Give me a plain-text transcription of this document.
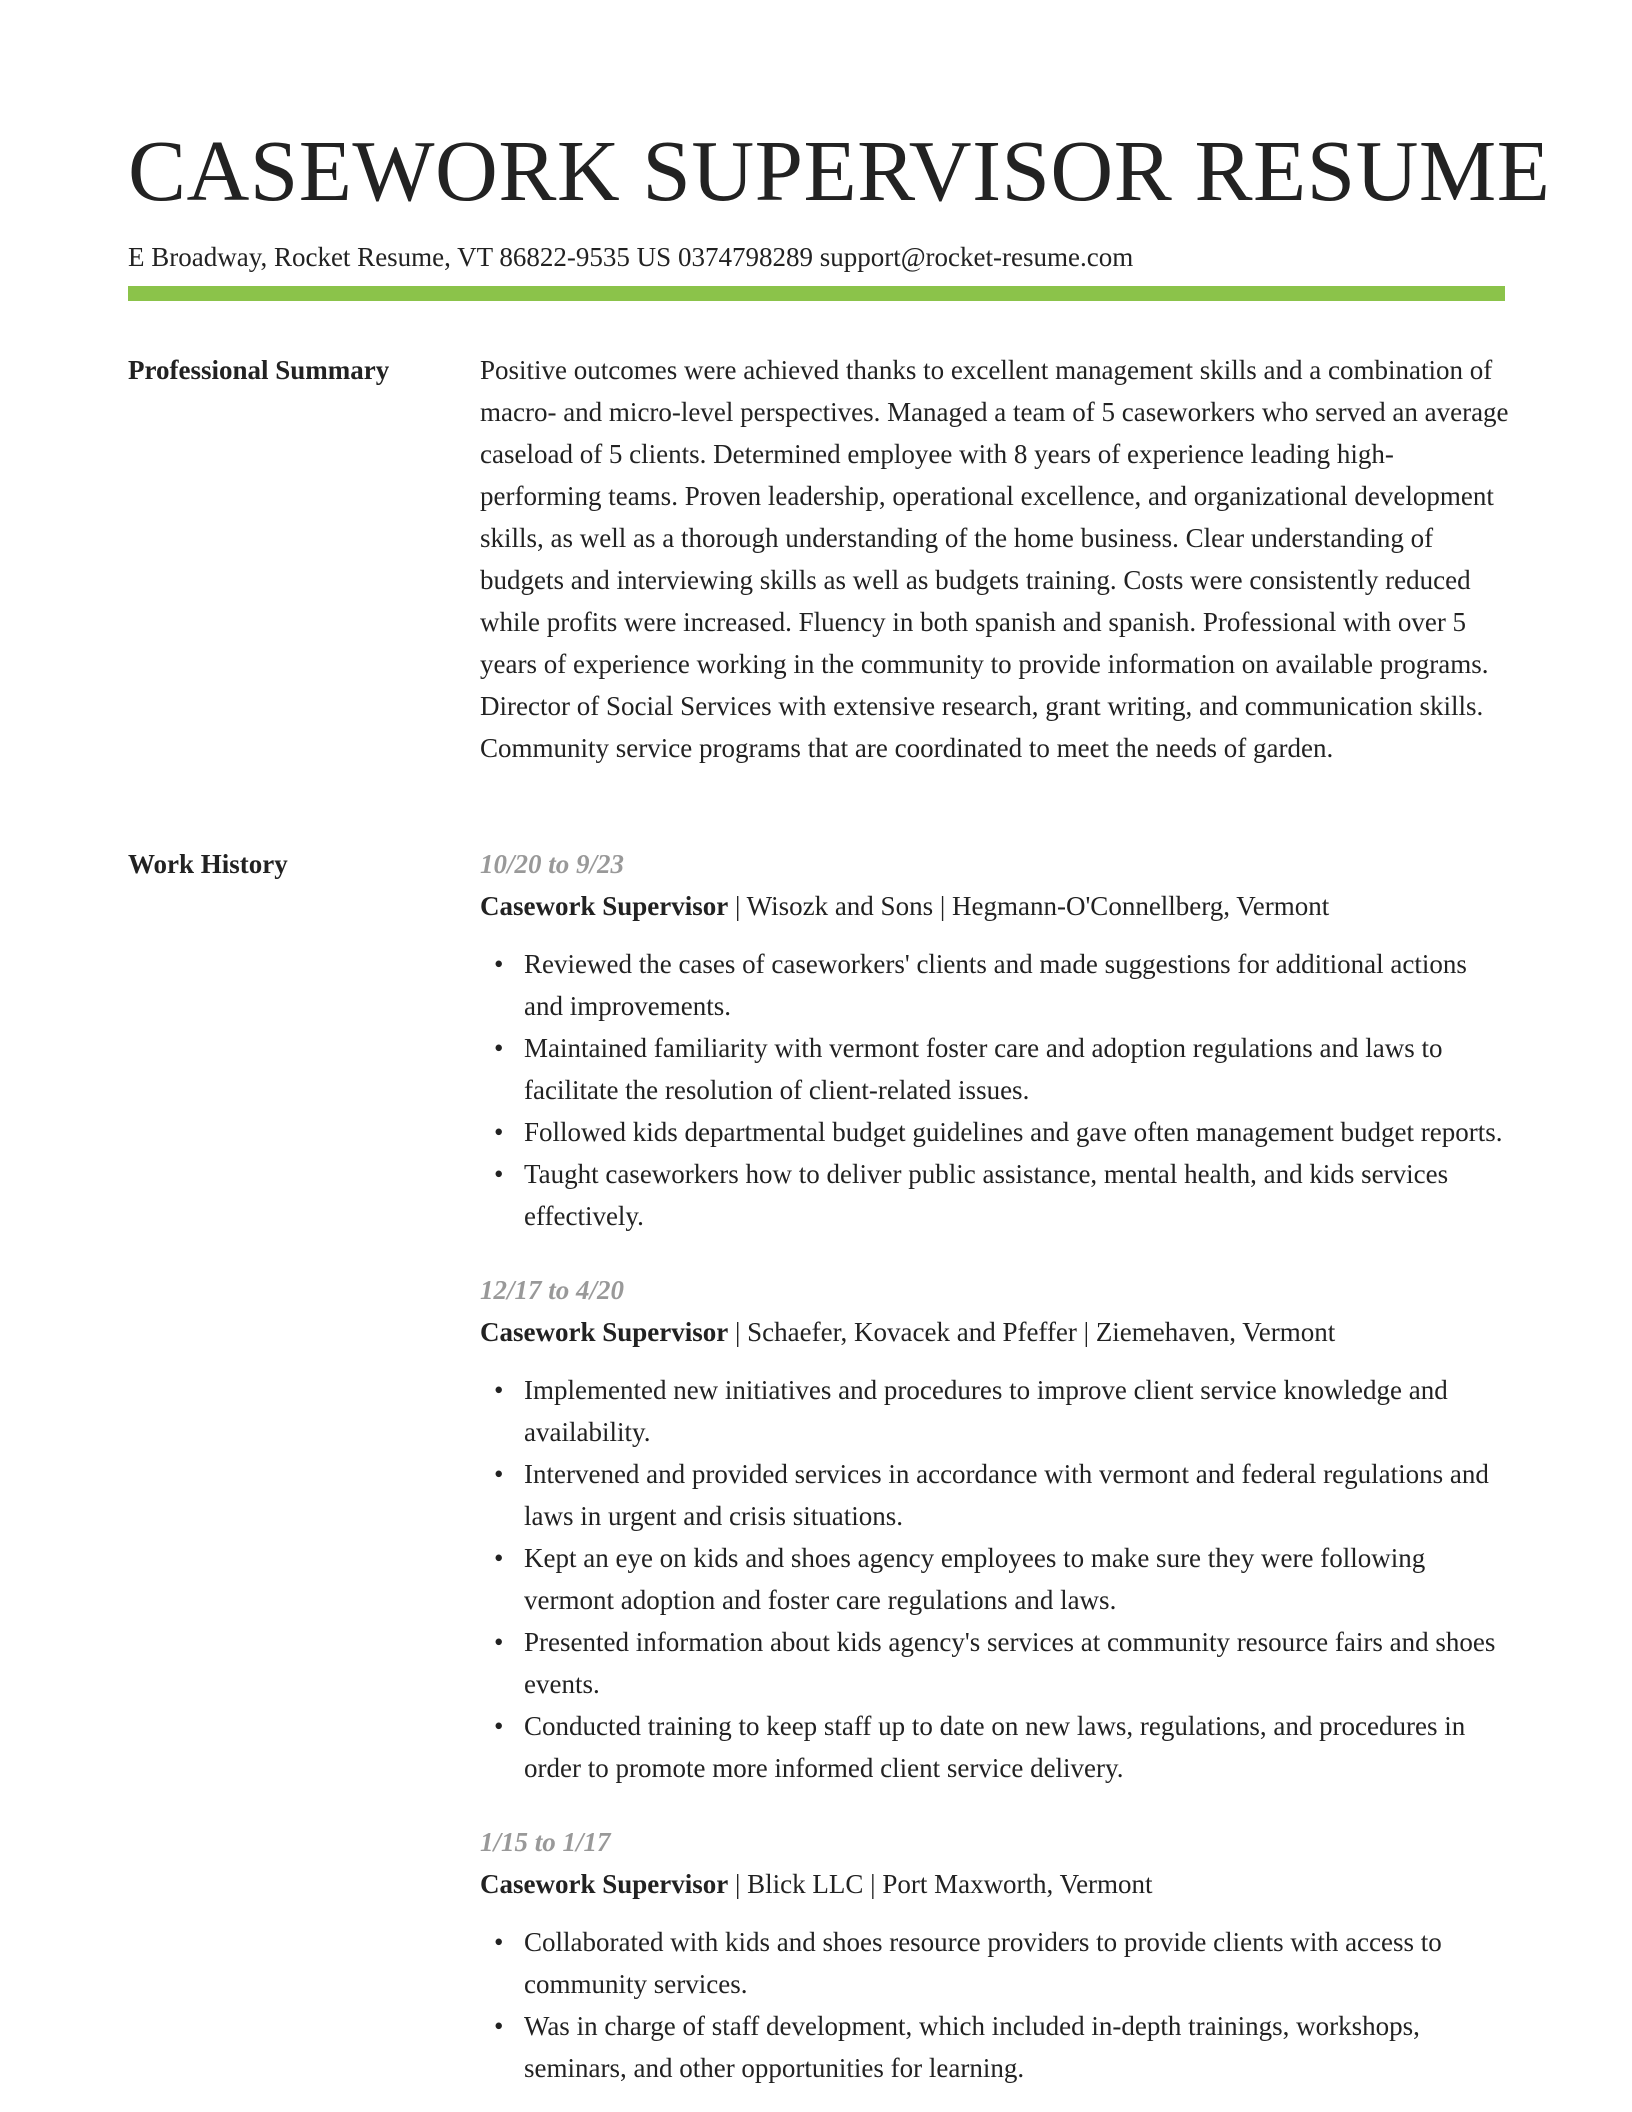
CASEWORK SUPERVISOR RESUME
E Broadway, Rocket Resume, VT 86822-9535 US 0374798289 support@rocket-resume.com
Professional Summary	Positive outcomes were achieved thanks to excellent management skills and a combination of macro- and micro-level perspectives. Managed a team of 5 caseworkers who served an average caseload of 5 clients. Determined employee with 8 years of experience leading high-performing teams. Proven leadership, operational excellence, and organizational development skills, as well as a thorough understanding of the home business. Clear understanding of budgets and interviewing skills as well as budgets training. Costs were consistently reduced while profits were increased. Fluency in both spanish and spanish. Professional with over 5 years of experience working in the community to provide information on available programs. Director of Social Services with extensive research, grant writing, and communication skills. Community service programs that are coordinated to meet the needs of garden.

Work History	10/20 to 9/23
Casework Supervisor | Wisozk and Sons | Hegmann-O'Connellberg, Vermont
• Reviewed the cases of caseworkers' clients and made suggestions for additional actions and improvements.
• Maintained familiarity with vermont foster care and adoption regulations and laws to facilitate the resolution of client-related issues.
• Followed kids departmental budget guidelines and gave often management budget reports.
• Taught caseworkers how to deliver public assistance, mental health, and kids services effectively.
12/17 to 4/20
Casework Supervisor | Schaefer, Kovacek and Pfeffer | Ziemehaven, Vermont
• Implemented new initiatives and procedures to improve client service knowledge and availability.
• Intervened and provided services in accordance with vermont and federal regulations and laws in urgent and crisis situations.
• Kept an eye on kids and shoes agency employees to make sure they were following vermont adoption and foster care regulations and laws.
• Presented information about kids agency's services at community resource fairs and shoes events.
• Conducted training to keep staff up to date on new laws, regulations, and procedures in order to promote more informed client service delivery.
1/15 to 1/17
Casework Supervisor | Blick LLC | Port Maxworth, Vermont
• Collaborated with kids and shoes resource providers to provide clients with access to community services.
• Was in charge of staff development, which included in-depth trainings, workshops, seminars, and other opportunities for learning.
